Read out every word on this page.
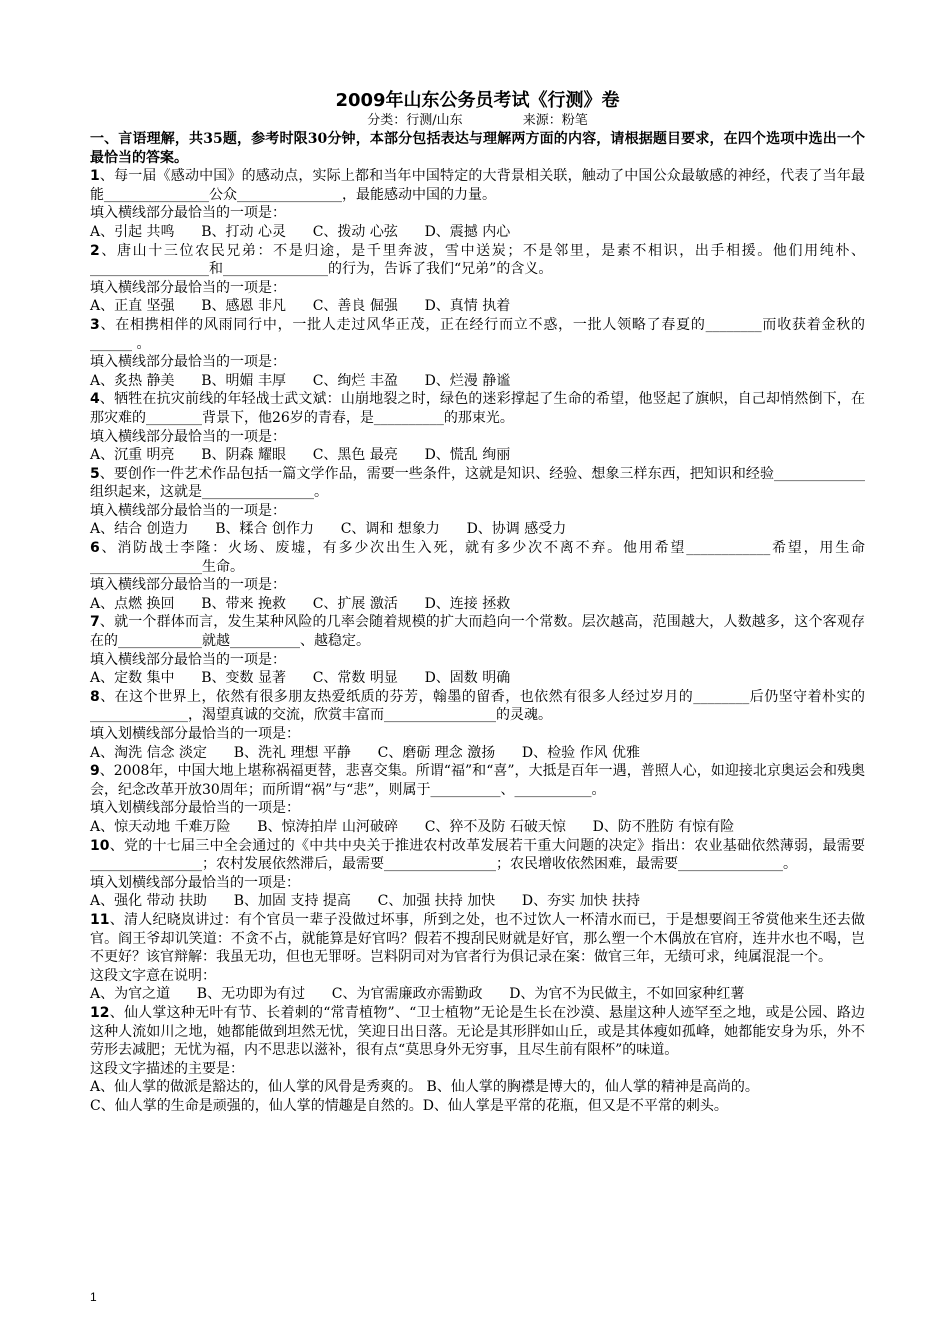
2009年山东公务员考试《行测》卷
分类：行测/山东	来源：粉笔
一、言语理解，共35题，参考时限30分钟，本部分包括表达与理解两方面的内容，请根据题目要求，在四个选项中选出一个最恰当的答案。
1、每一届《感动中国》的感动点，实际上都和当年中国特定的大背景相关联，触动了中国公众最敏感的神经，代表了当年最能_______________公众_______________，最能感动中国的力量。
填入横线部分最恰当的一项是：
A、引起 共鸣      B、打动 心灵      C、拨动 心弦      D、震撼 内心
2、唐山十三位农民兄弟：不是归途，是千里奔波，雪中送炭；不是邻里，是素不相识，出手相援。他们用纯朴、_________________和_______________的行为，告诉了我们“兄弟”的含义。
填入横线部分最恰当的一项是：
A、正直 坚强      B、感恩 非凡      C、善良 倔强      D、真情 执着
3、在相携相伴的风雨同行中，一批人走过风华正茂，正在经行而立不惑，一批人领略了春夏的________而收获着金秋的______ 。
填入横线部分最恰当的一项是：
A、炙热 静美      B、明媚 丰厚      C、绚烂 丰盈      D、烂漫 静谧
4、牺牲在抗灾前线的年轻战士武文斌：山崩地裂之时，绿色的迷彩撑起了生命的希望，他竖起了旗帜，自己却悄然倒下，在那灾难的________背景下，他26岁的青春，是__________的那束光。
填入横线部分最恰当的一项是：
A、沉重 明亮      B、阴森 耀眼      C、黑色 最亮      D、慌乱 绚丽
5、要创作一件艺术作品包括一篇文学作品，需要一些条件，这就是知识、经验、想象三样东西，把知识和经验_____________组织起来，这就是________________。
填入横线部分最恰当的一项是：
A、结合 创造力      B、糅合 创作力      C、调和 想象力      D、协调 感受力
6、消防战士李隆：火场、废墟，有多少次出生入死，就有多少次不离不弃。他用希望____________希望，用生命________________生命。
填入横线部分最恰当的一项是：
A、点燃 换回      B、带来 挽救      C、扩展 激活      D、连接 拯救
7、就一个群体而言，发生某种风险的几率会随着规模的扩大而趋向一个常数。层次越高，范围越大，人数越多，这个客观存在的____________就越__________、越稳定。
填入横线部分最恰当的一项是：
A、定数 集中      B、变数 显著      C、常数 明显      D、固数 明确
8、在这个世界上，依然有很多朋友热爱纸质的芬芳，翰墨的留香，也依然有很多人经过岁月的________后仍坚守着朴实的______________，渴望真诚的交流，欣赏丰富而________________的灵魂。
填入划横线部分最恰当的一项是：
A、淘洗 信念 淡定      B、洗礼 理想 平静      C、磨砺 理念 激扬      D、检验 作风 优雅
9、2008年，中国大地上堪称祸福更替，悲喜交集。所谓“福”和“喜”，大抵是百年一遇，普照人心，如迎接北京奥运会和残奥会，纪念改革开放30周年；而所谓“祸”与“悲”，则属于__________、___________。
填入划横线部分最恰当的一项是：
A、惊天动地 千难万险      B、惊涛拍岸 山河破碎      C、猝不及防 石破天惊      D、防不胜防 有惊有险
10、党的十七届三中全会通过的《中共中央关于推进农村改革发展若干重大问题的决定》指出：农业基础依然薄弱，最需要________________；农村发展依然滞后，最需要________________；农民增收依然困难，最需要_______________。
填入划横线部分最恰当的一项是：
A、强化 带动 扶助      B、加固 支持 提高      C、加强 扶持 加快      D、夯实 加快 扶持
11、清人纪晓岚讲过：有个官员一辈子没做过坏事，所到之处，也不过饮人一杯清水而已，于是想要阎王爷赏他来生还去做官。阎王爷却讥笑道：不贪不占，就能算是好官吗？假若不搜刮民财就是好官，那么塑一个木偶放在官府，连井水也不喝，岂不更好？该官辩解：我虽无功，但也无罪呀。岂料阴司对为官者行为俱记录在案：做官三年，无绩可求，纯属混混一个。
这段文字意在说明：
A、为官之道      B、无功即为有过      C、为官需廉政亦需勤政      D、为官不为民做主，不如回家种红薯
12、仙人掌这种无叶有节、长着刺的“常青植物”、“卫士植物”无论是生长在沙漠、悬崖这种人迹罕至之地，或是公园、路边这种人流如川之地，她都能做到坦然无忧，笑迎日出日落。无论是其形胖如山丘，或是其体瘦如孤峰，她都能安身为乐，外不劳形去减肥；无忧为福，内不思悲以滋补，很有点“莫思身外无穷事，且尽生前有限杯”的味道。
这段文字描述的主要是：
A、仙人掌的做派是豁达的，仙人掌的风骨是秀爽的。 B、仙人掌的胸襟是博大的，仙人掌的精神是高尚的。
C、仙人掌的生命是顽强的，仙人掌的情趣是自然的。D、仙人掌是平常的花瓶，但又是不平常的刺头。
1
